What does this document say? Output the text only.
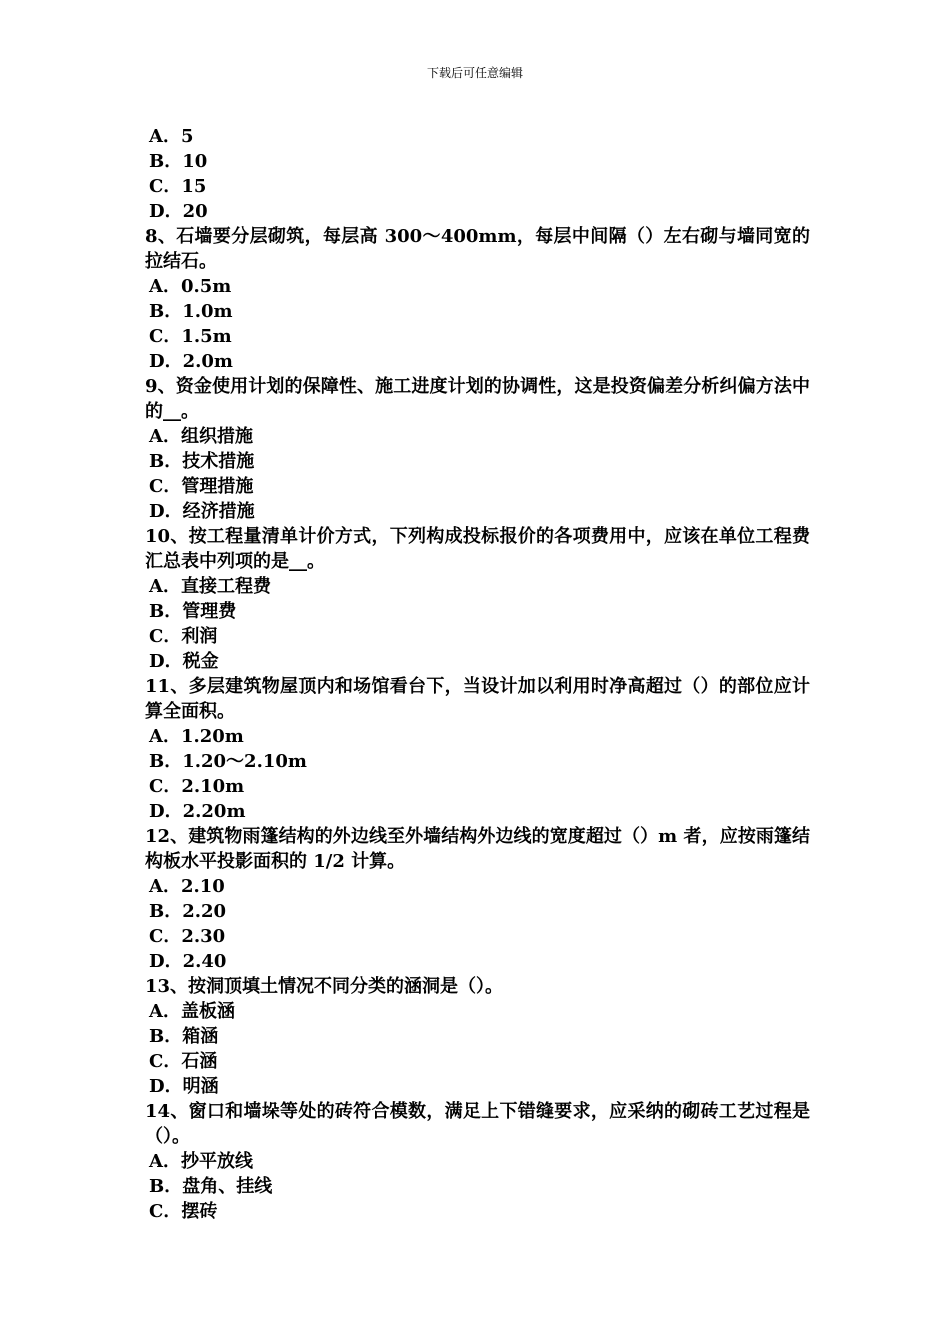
下载后可任意编辑
A．5
B．10
C．15
D．20
8、石墙要分层砌筑，每层高 300～400mm，每层中间隔（）左右砌与墙同宽的拉结石。
A．0.5m
B．1.0m
C．1.5m
D．2.0m
9、资金使用计划的保障性、施工进度计划的协调性，这是投资偏差分析纠偏方法中的__。
A．组织措施
B．技术措施
C．管理措施
D．经济措施
10、按工程量清单计价方式，下列构成投标报价的各项费用中，应该在单位工程费汇总表中列项的是__。
A．直接工程费
B．管理费
C．利润
D．税金
11、多层建筑物屋顶内和场馆看台下，当设计加以利用时净高超过（）的部位应计算全面积。
A．1.20m
B．1.20～2.10m
C．2.10m
D．2.20m
12、建筑物雨篷结构的外边线至外墙结构外边线的宽度超过（）m 者，应按雨篷结构板水平投影面积的 1/2 计算。
A．2.10
B．2.20
C．2.30
D．2.40
13、按洞顶填土情况不同分类的涵洞是（）。
A．盖板涵
B．箱涵
C．石涵
D．明涵
14、窗口和墙垛等处的砖符合模数，满足上下错缝要求，应采纳的砌砖工艺过程是（）。
A．抄平放线
B．盘角、挂线
C．摆砖
